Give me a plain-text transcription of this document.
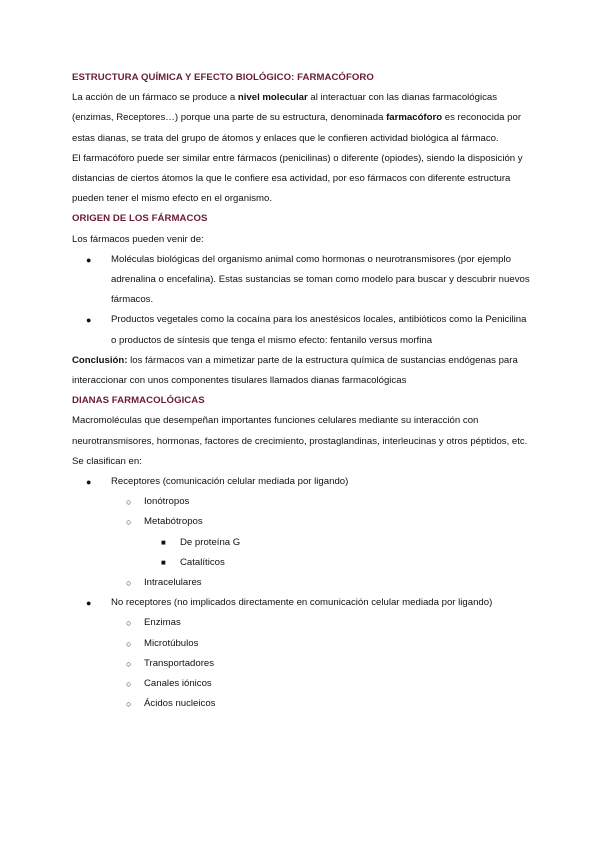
ESTRUCTURA QUÍMICA Y EFECTO BIOLÓGICO: FARMACÓFORO

La acción de un fármaco se produce a nivel molecular al interactuar con las dianas farmacológicas (enzimas, Receptores…) porque una parte de su estructura, denominada farmacóforo es reconocida por estas dianas, se trata del grupo de átomos y enlaces que le confieren actividad biológica al fármaco.

El farmacóforo puede ser similar entre fármacos (penicilinas) o diferente (opiodes), siendo la disposición y distancias de ciertos átomos la que le confiere esa actividad, por eso fármacos con diferente estructura pueden tener el mismo efecto en el organismo.

ORIGEN DE LOS FÁRMACOS

Los fármacos pueden venir de:

● Moléculas biológicas del organismo animal como hormonas o neurotransmisores (por ejemplo adrenalina o encefalina). Estas sustancias se toman como modelo para buscar y descubrir nuevos fármacos.
● Productos vegetales como la cocaína para los anestésicos locales, antibióticos como la Penicilina o productos de síntesis que tenga el mismo efecto: fentanilo versus morfina

Conclusión: los fármacos van a mimetizar parte de la estructura química de sustancias endógenas para interaccionar con unos componentes tisulares llamados dianas farmacológicas

DIANAS FARMACOLÓGICAS

Macromoléculas que desempeñan importantes funciones celulares mediante su interacción con neurotransmisores, hormonas, factores de crecimiento, prostaglandinas, interleucinas y otros péptidos, etc. Se clasifican en:

● Receptores (comunicación celular mediada por ligando)
○ Ionótropos
○ Metabótropos
■ De proteína G
■ Catalíticos
○ Intracelulares
● No receptores (no implicados directamente en comunicación celular mediada por ligando)
○ Enzimas
○ Microtúbulos
○ Transportadores
○ Canales iónicos
○ Ácidos nucleicos
